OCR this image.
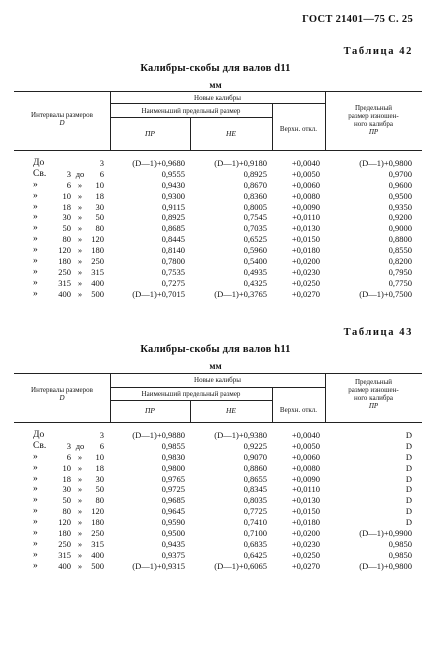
ГОСТ 21401—75 С. 25
Таблица 42
Калибры-скобы для валов d11
мм
Интервалы размеров
D
Новые калибры
Наименьший предельный размер
ПР	НЕ	Верхн. откл.
Предельный
размер изношен-
ного калибра
ПР
До	3	(D—1)+0,9680	(D—1)+0,9180	+0,0040	(D—1)+0,9800
Св.	3 до	6	0,9555	0,8925	+0,0050	0,9700
»	6 »	10	0,9430	0,8670	+0,0060	0,9600
»	10 »	18	0,9300	0,8360	+0,0080	0,9500
»	18 »	30	0,9115	0,8005	+0,0090	0,9350
»	30 »	50	0,8925	0,7545	+0,0110	0,9200
»	50 »	80	0,8685	0,7035	+0,0130	0,9000
»	80 »	120	0,8445	0,6525	+0,0150	0,8800
»	120 »	180	0,8140	0,5960	+0,0180	0,8550
»	180 »	250	0,7800	0,5400	+0,0200	0,8200
»	250 »	315	0,7535	0,4935	+0,0230	0,7950
»	315 »	400	0,7275	0,4325	+0,0250	0,7750
»	400 »	500	(D—1)+0,7015	(D—1)+0,3765	+0,0270	(D—1)+0,7500
Таблица 43
Калибры-скобы для валов h11
мм
Интервалы размеров
D
Новые калибры
Наименьший предельный размер
ПР	НЕ	Верхн. откл.
Предельный
размер изношен-
ного калибра
ПР
До	3	(D—1)+0,9880	(D—1)+0,9380	+0,0040	D
Св.	3 до	6	0,9855	0,9225	+0,0050	D
»	6 »	10	0,9830	0,9070	+0,0060	D
»	10 »	18	0,9800	0,8860	+0,0080	D
»	18 »	30	0,9765	0,8655	+0,0090	D
»	30 »	50	0,9725	0,8345	+0,0110	D
»	50 »	80	0,9685	0,8035	+0,0130	D
»	80 »	120	0,9645	0,7725	+0,0150	D
»	120 »	180	0,9590	0,7410	+0,0180	D
»	180 »	250	0,9500	0,7100	+0,0200	(D—1)+0,9900
»	250 »	315	0,9435	0,6835	+0,0230	0,9850
»	315 »	400	0,9375	0,6425	+0,0250	0,9850
»	400 »	500	(D—1)+0,9315	(D—1)+0,6065	+0,0270	(D—1)+0,9800
